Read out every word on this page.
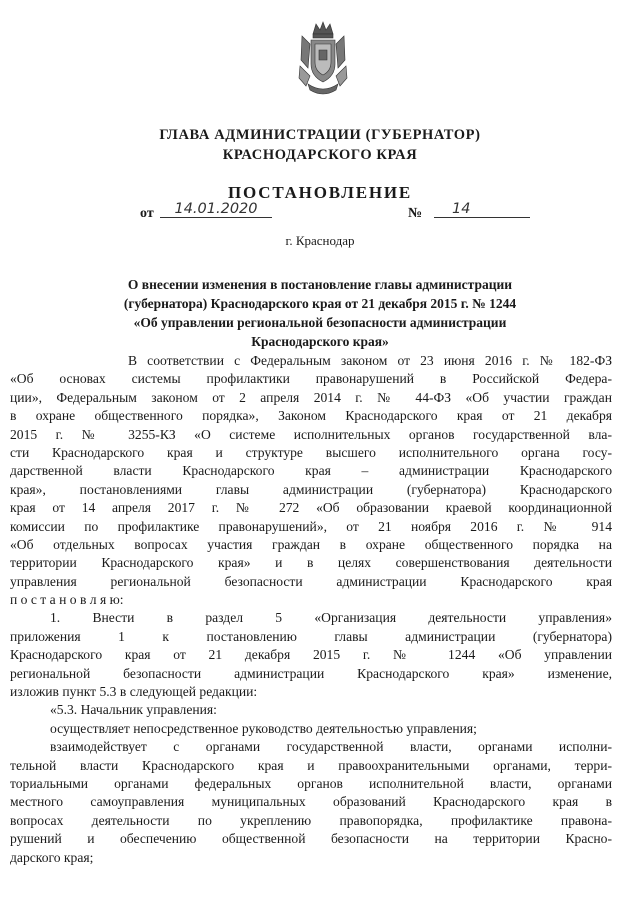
ГЛАВА АДМИНИСТРАЦИИ (ГУБЕРНАТОР)
КРАСНОДАРСКОГО КРАЯ
ПОСТАНОВЛЕНИЕ
от	14.01.2020	№	14
г. Краснодар
О внесении изменения в постановление главы администрации
(губернатора) Краснодарского края от 21 декабря 2015 г. № 1244
«Об управлении региональной безопасности администрации
Краснодарского края»
В соответствии с Федеральным законом от 23 июня 2016 г. № 182-ФЗ
«Об основах системы профилактики правонарушений в Российской Федера-
ции», Федеральным законом от 2 апреля 2014 г. № 44-ФЗ «Об участии граждан
в охране общественного порядка», Законом Краснодарского края от 21 декабря
2015 г. № 3255-КЗ «О системе исполнительных органов государственной вла-
сти Краснодарского края и структуре высшего исполнительного органа госу-
дарственной власти Краснодарского края – администрации Краснодарского
края», постановлениями главы администрации (губернатора) Краснодарского
края от 14 апреля 2017 г. № 272 «Об образовании краевой координационной
комиссии по профилактике правонарушений», от 21 ноября 2016 г. № 914
«Об отдельных вопросах участия граждан в охране общественного порядка на
территории Краснодарского края» и в целях совершенствования деятельности
управления региональной безопасности администрации Краснодарского края
п о с т а н о в л я ю:
1. Внести в раздел 5 «Организация деятельности управления»
приложения 1 к постановлению главы администрации (губернатора)
Краснодарского края от 21 декабря 2015 г. № 1244 «Об управлении
региональной безопасности администрации Краснодарского края» изменение,
изложив пункт 5.3 в следующей редакции:
«5.3. Начальник управления:
осуществляет непосредственное руководство деятельностью управления;
взаимодействует с органами государственной власти, органами исполни-
тельной власти Краснодарского края и правоохранительными органами, терри-
ториальными органами федеральных органов исполнительной власти, органами
местного самоуправления муниципальных образований Краснодарского края в
вопросах деятельности по укреплению правопорядка, профилактике правона-
рушений и обеспечению общественной безопасности на территории Красно-
дарского края;
